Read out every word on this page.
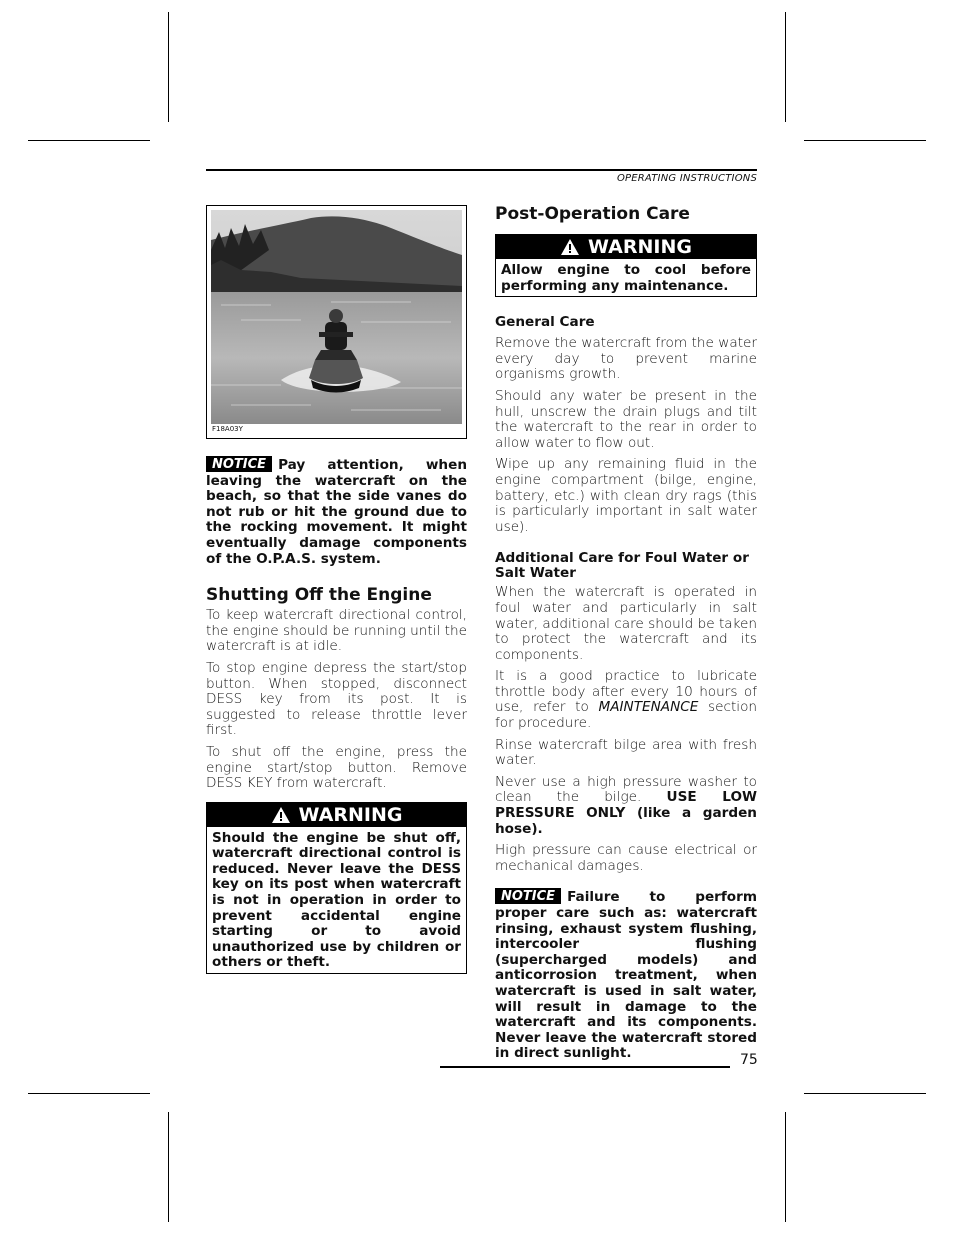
OPERATING INSTRUCTIONS
F18A03Y

NOTICE Pay attention, when leaving the watercraft on the beach, so that the side vanes do not rub or hit the ground due to the rocking movement. It might eventually damage components of the O.P.A.S. system.

Shutting Off the Engine

To keep watercraft directional control, the engine should be running until the watercraft is at idle.

To stop engine depress the start/stop button. When stopped, disconnect DESS key from its post. It is suggested to release throttle lever first.

To shut off the engine, press the engine start/stop button. Remove DESS KEY from watercraft.

WARNING

Should the engine be shut off, watercraft directional control is reduced. Never leave the DESS key on its post when watercraft is not in operation in order to prevent accidental engine starting or to avoid unauthorized use by children or others or theft.

Post-Operation Care
WARNING

Allow engine to cool before performing any maintenance.

General Care

Remove the watercraft from the water every day to prevent marine organisms growth.

Should any water be present in the hull, unscrew the drain plugs and tilt the watercraft to the rear in order to allow water to flow out.

Wipe up any remaining fluid in the engine compartment (bilge, engine, battery, etc.) with clean dry rags (this is particularly important in salt water use).

Additional Care for Foul Water or Salt Water

When the watercraft is operated in foul water and particularly in salt water, additional care should be taken to protect the watercraft and its components.

It is a good practice to lubricate throttle body after every 10 hours of use, refer to MAINTENANCE section for procedure.

Rinse watercraft bilge area with fresh water.

Never use a high pressure washer to clean the bilge. USE LOW PRESSURE ONLY (like a garden hose).

High pressure can cause electrical or mechanical damages.

NOTICE Failure to perform proper care such as: watercraft rinsing, exhaust system flushing, intercooler flushing (supercharged models) and anticorrosion treatment, when watercraft is used in salt water, will result in damage to the watercraft and its components. Never leave the watercraft stored in direct sunlight.	75
